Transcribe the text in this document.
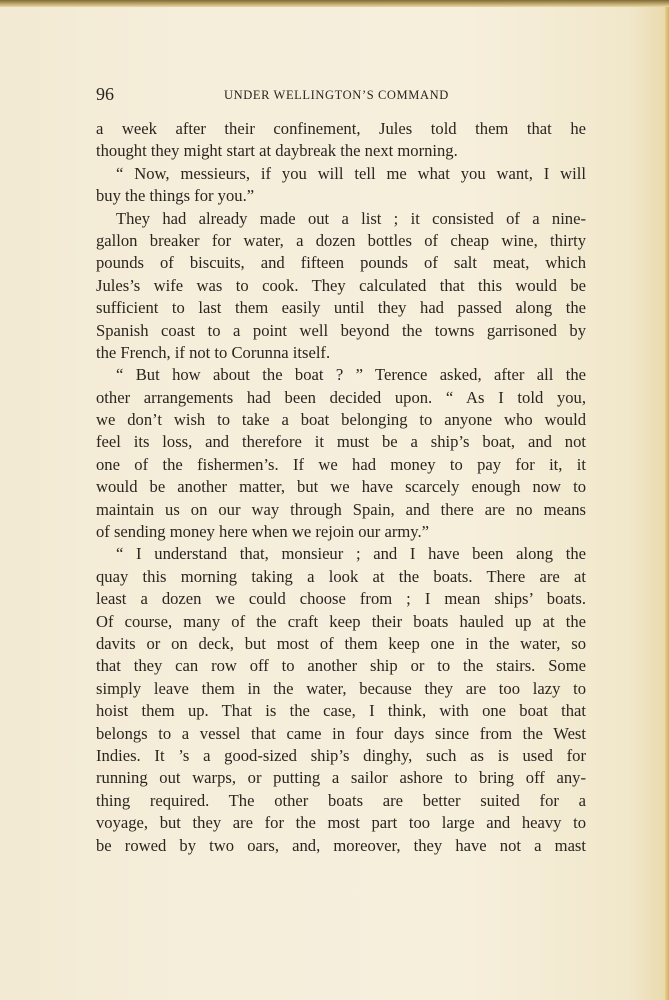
96	UNDER WELLINGTON’S COMMAND
a week after their confinement, Jules told them that he
thought they might start at daybreak the next morning.
“ Now, messieurs, if you will tell me what you want, I will
buy the things for you.”
They had already made out a list ; it consisted of a nine-
gallon breaker for water, a dozen bottles of cheap wine, thirty
pounds of biscuits, and fifteen pounds of salt meat, which
Jules’s wife was to cook. They calculated that this would be
sufficient to last them easily until they had passed along the
Spanish coast to a point well beyond the towns garrisoned by
the French, if not to Corunna itself.
“ But how about the boat ? ” Terence asked, after all the
other arrangements had been decided upon. “ As I told you,
we don’t wish to take a boat belonging to anyone who would
feel its loss, and therefore it must be a ship’s boat, and not
one of the fishermen’s. If we had money to pay for it, it
would be another matter, but we have scarcely enough now to
maintain us on our way through Spain, and there are no means
of sending money here when we rejoin our army.”
“ I understand that, monsieur ; and I have been along the
quay this morning taking a look at the boats. There are at
least a dozen we could choose from ; I mean ships’ boats.
Of course, many of the craft keep their boats hauled up at the
davits or on deck, but most of them keep one in the water, so
that they can row off to another ship or to the stairs. Some
simply leave them in the water, because they are too lazy to
hoist them up. That is the case, I think, with one boat that
belongs to a vessel that came in four days since from the West
Indies. It ’s a good-sized ship’s dinghy, such as is used for
running out warps, or putting a sailor ashore to bring off any-
thing required. The other boats are better suited for a
voyage, but they are for the most part too large and heavy to
be rowed by two oars, and, moreover, they have not a mast
